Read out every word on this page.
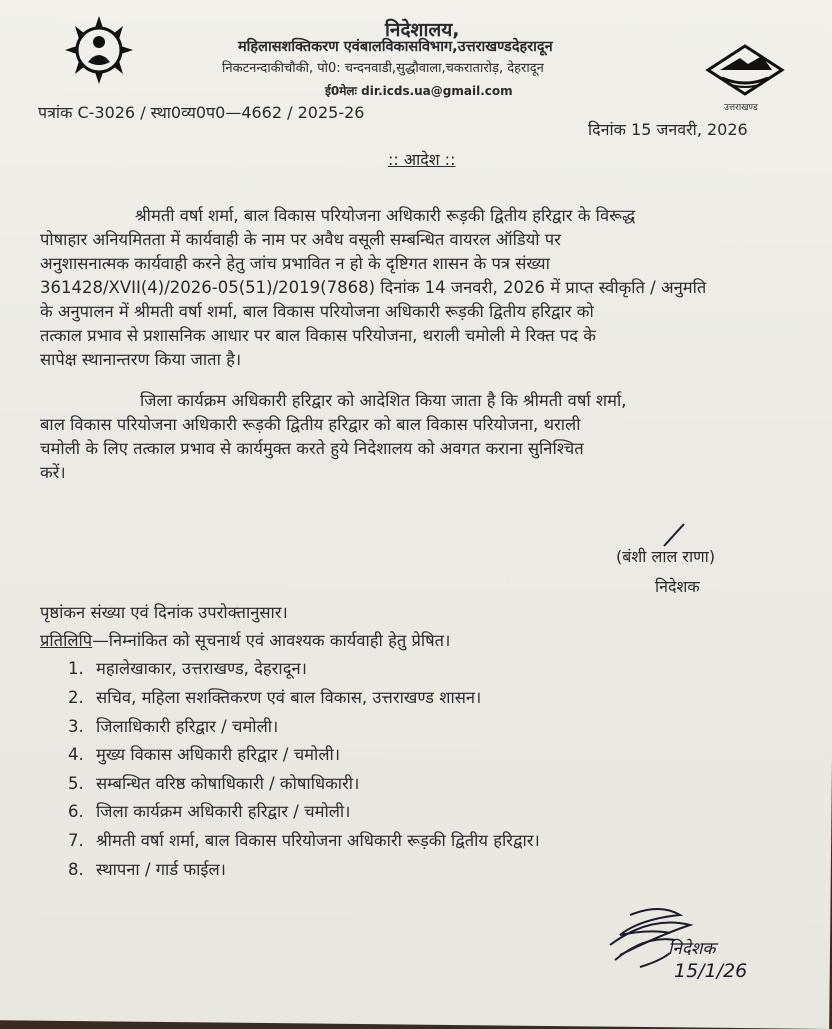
उत्तराखण्ड
निदेशालय,
महिलासशक्तिकरण एवंबालविकासविभाग,उत्तराखण्डदेहरादून
निकटनन्दाकीचौकी, पो0: चन्दनवाडी,सुद्धौवाला,चकरातारोड़, देहरादून
ई0मेलः dir.icds.ua@gmail.com
पत्रांक C-3026 / स्था0व्य0प0—4662 / 2025-26
दिनांक 15 जनवरी, 2026
:: आदेश ::
श्रीमती वर्षा शर्मा, बाल विकास परियोजना अधिकारी रूड़की द्वितीय हरिद्वार के विरूद्ध
पोषाहार अनियमितता में कार्यवाही के नाम पर अवैध वसूली सम्बन्धित वायरल ऑडियो पर
अनुशासनात्मक कार्यवाही करने हेतु जांच प्रभावित न हो के दृष्टिगत शासन के पत्र संख्या
361428/XVII(4)/2026-05(51)/2019(7868) दिनांक 14 जनवरी, 2026 में प्राप्त स्वीकृति / अनुमति
के अनुपालन में श्रीमती वर्षा शर्मा, बाल विकास परियोजना अधिकारी रूड़की द्वितीय हरिद्वार को
तत्काल प्रभाव से प्रशासनिक आधार पर बाल विकास परियोजना, थराली चमोली मे रिक्त पद के
सापेक्ष स्थानान्तरण किया जाता है।
जिला कार्यक्रम अधिकारी हरिद्वार को आदेशित किया जाता है कि श्रीमती वर्षा शर्मा,
बाल विकास परियोजना अधिकारी रूड़की द्वितीय हरिद्वार को बाल विकास परियोजना, थराली
चमोली के लिए तत्काल प्रभाव से कार्यमुक्त करते हुये निदेशालय को अवगत कराना सुनिश्चित
करें।
(बंशी लाल राणा)
निदेशक
पृष्ठांकन संख्या एवं दिनांक उपरोक्तानुसार।
प्रतिलिपि—निम्नांकित को सूचनार्थ एवं आवश्यक कार्यवाही हेतु प्रेषित।
1. महालेखाकार, उत्तराखण्ड, देहरादून।
2. सचिव, महिला सशक्तिकरण एवं बाल विकास, उत्तराखण्ड शासन।
3. जिलाधिकारी हरिद्वार / चमोली।
4. मुख्य विकास अधिकारी हरिद्वार / चमोली।
5. सम्बन्धित वरिष्ठ कोषाधिकारी / कोषाधिकारी।
6. जिला कार्यक्रम अधिकारी हरिद्वार / चमोली।
7. श्रीमती वर्षा शर्मा, बाल विकास परियोजना अधिकारी रूड़की द्वितीय हरिद्वार।
8. स्थापना / गार्ड फाईल।
निदेशक
15/1/26
